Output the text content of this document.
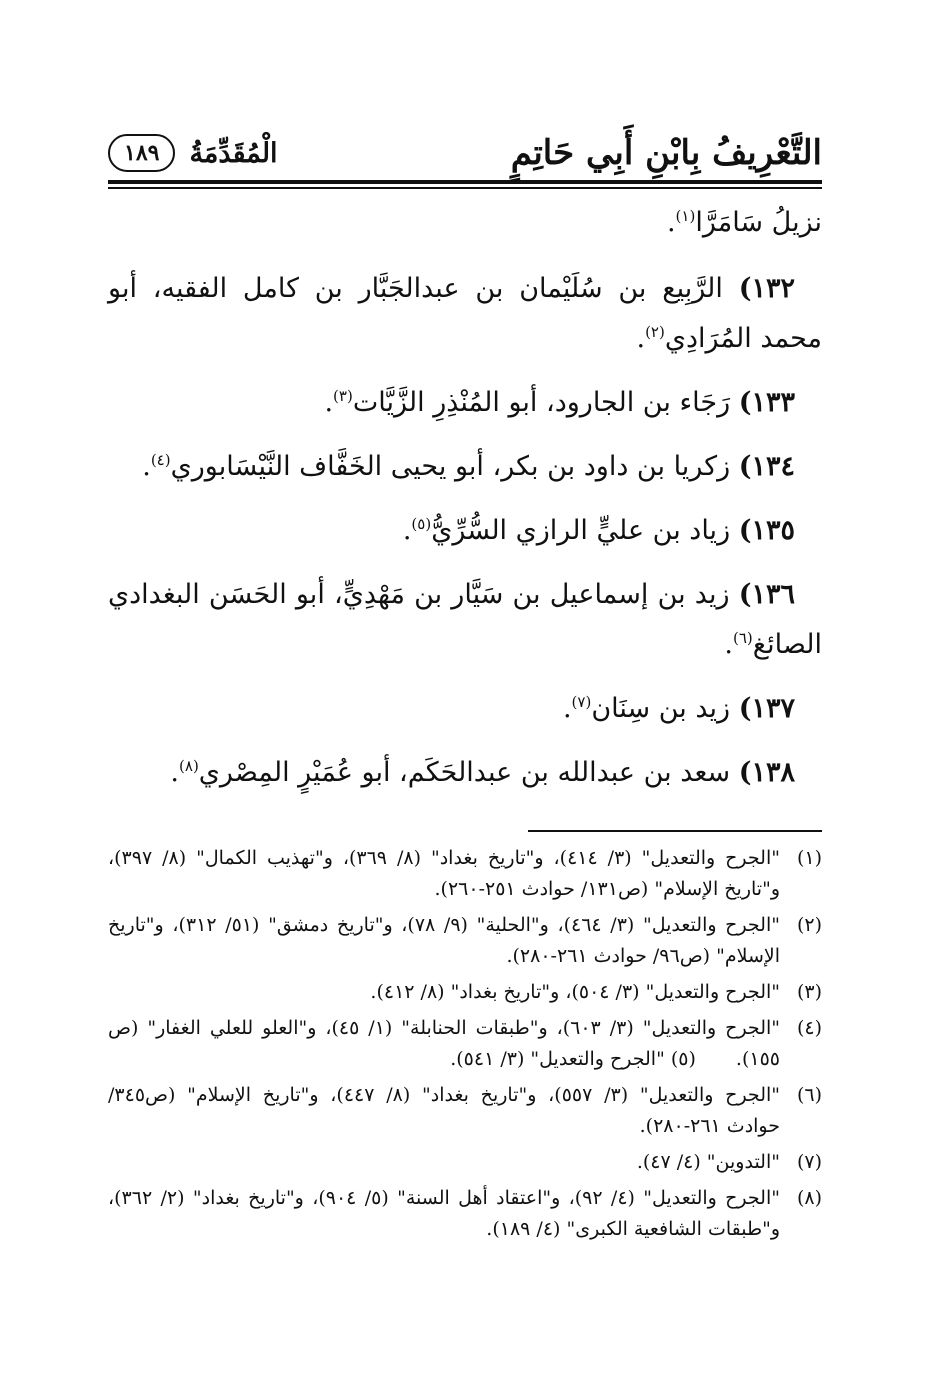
التَّعْرِيفُ بِابْنِ أَبِي حَاتِمٍ
الْمُقَدِّمَةُ
١٨٩

نزيلُ سَامَرَّا$^{(١)}$.

 ١٣٢) الرَّبِيع بن سُلَيْمان بن عبدالجَبَّار بن كامل الفقيه، أبو محمد المُرَادِي$^{(٢)}$.

 ١٣٣) رَجَاء بن الجارود، أبو المُنْذِرِ الزَّيَّات$^{(٣)}$.

 ١٣٤) زكريا بن داود بن بكر، أبو يحيى الخَفَّاف النَّيْسَابوري$^{(٤)}$.

 ١٣٥) زياد بن عليٍّ الرازي السُّرِّيُّ$^{(٥)}$.

 ١٣٦) زيد بن إسماعيل بن سَيَّار بن مَهْدِيٍّ، أبو الحَسَن البغدادي الصائغ$^{(٦)}$.

 ١٣٧) زيد بن سِنَان$^{(٧)}$.

 ١٣٨) سعد بن عبدالله بن عبدالحَكَم، أبو عُمَيْرٍ المِصْري$^{(٨)}$.

(١)
"الجرح والتعديل" (٣/ ٤١٤)، و"تاريخ بغداد" (٨/ ٣٦٩)، و"تهذيب الكمال" (٨/ ٣٩٧)، و"تاريخ الإسلام" (ص١٣١/ حوادث ٢٥١-٢٦٠).
(٢)
"الجرح والتعديل" (٣/ ٤٦٤)، و"الحلية" (٩/ ٧٨)، و"تاريخ دمشق" (٥١/ ٣١٢)، و"تاريخ الإسلام" (ص٩٦/ حوادث ٢٦١-٢٨٠).
(٣)
"الجرح والتعديل" (٣/ ٥٠٤)، و"تاريخ بغداد" (٨/ ٤١٢).
(٤)
"الجرح والتعديل" (٣/ ٦٠٣)، و"طبقات الحنابلة" (١/ ٤٥)، و"العلو للعلي الغفار" (ص ١٥٥).(٥) "الجرح والتعديل" (٣/ ٥٤١).
(٦)
"الجرح والتعديل" (٣/ ٥٥٧)، و"تاريخ بغداد" (٨/ ٤٤٧)، و"تاريخ الإسلام" (ص٣٤٥/ حوادث ٢٦١-٢٨٠).
(٧)
"التدوين" (٤/ ٤٧).
(٨)
"الجرح والتعديل" (٤/ ٩٢)، و"اعتقاد أهل السنة" (٥/ ٩٠٤)، و"تاريخ بغداد" (٢/ ٣٦٢)، و"طبقات الشافعية الكبرى" (٤/ ١٨٩).
